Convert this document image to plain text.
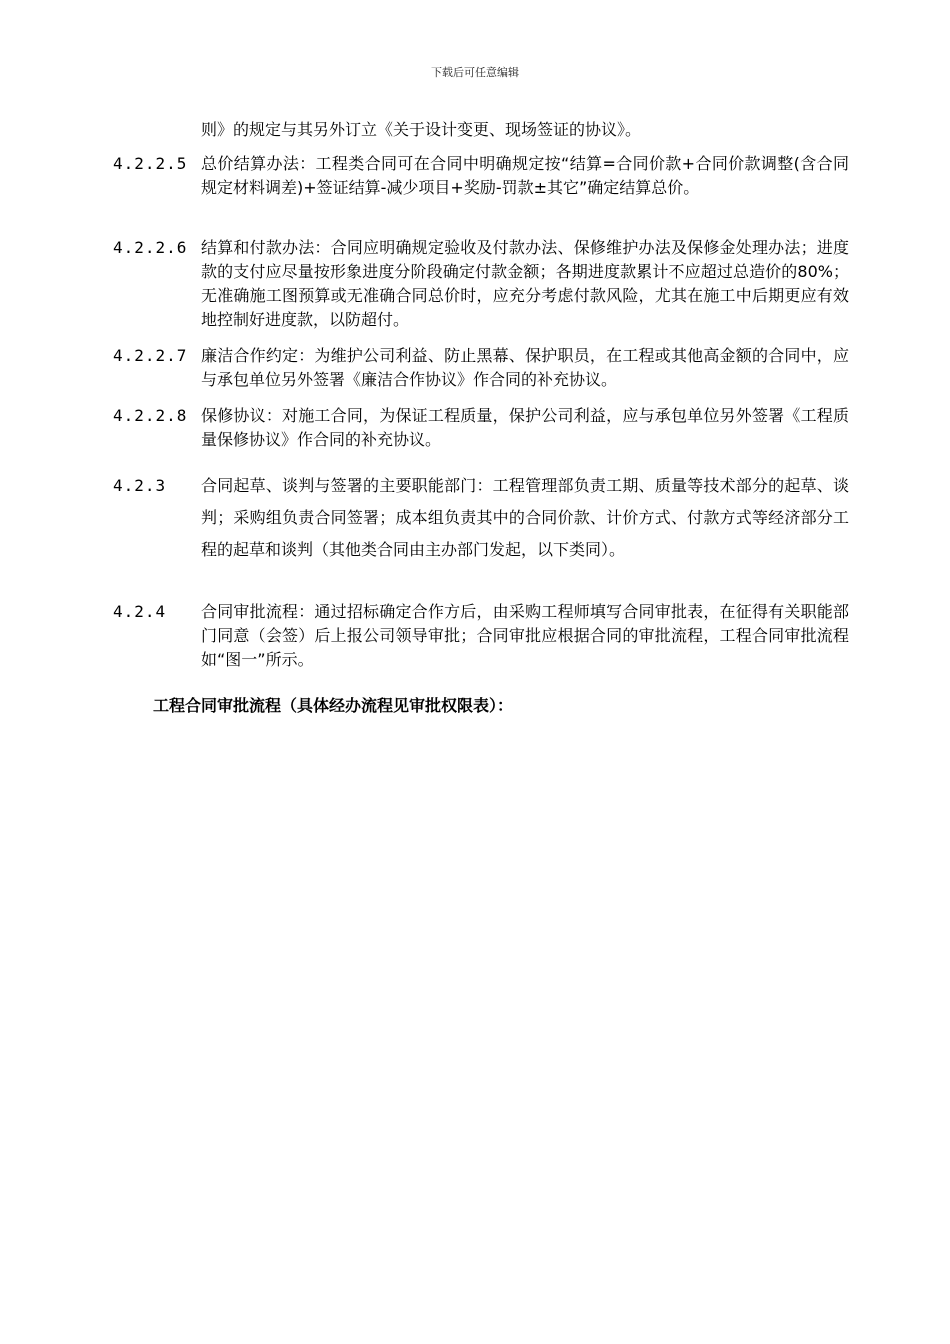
下载后可任意编辑
则》的规定与其另外订立《关于设计变更、现场签证的协议》。
4.2.2.5 总价结算办法：工程类合同可在合同中明确规定按“结算=合同价款+合同价款调整(含合同规定材料调差)+签证结算-减少项目+奖励-罚款±其它”确定结算总价。
4.2.2.6 结算和付款办法：合同应明确规定验收及付款办法、保修维护办法及保修金处理办法；进度款的支付应尽量按形象进度分阶段确定付款金额；各期进度款累计不应超过总造价的80%；无准确施工图预算或无准确合同总价时，应充分考虑付款风险，尤其在施工中后期更应有效地控制好进度款，以防超付。
4.2.2.7 廉洁合作约定：为维护公司利益、防止黑幕、保护职员，在工程或其他高金额的合同中，应与承包单位另外签署《廉洁合作协议》作合同的补充协议。
4.2.2.8 保修协议：对施工合同，为保证工程质量，保护公司利益，应与承包单位另外签署《工程质量保修协议》作合同的补充协议。
4.2.3 合同起草、谈判与签署的主要职能部门：工程管理部负责工期、质量等技术部分的起草、谈判；采购组负责合同签署；成本组负责其中的合同价款、计价方式、付款方式等经济部分工程的起草和谈判（其他类合同由主办部门发起，以下类同）。
4.2.4 合同审批流程：通过招标确定合作方后，由采购工程师填写合同审批表，在征得有关职能部门同意（会签）后上报公司领导审批；合同审批应根据合同的审批流程，工程合同审批流程如“图一”所示。
工程合同审批流程（具体经办流程见审批权限表）：
